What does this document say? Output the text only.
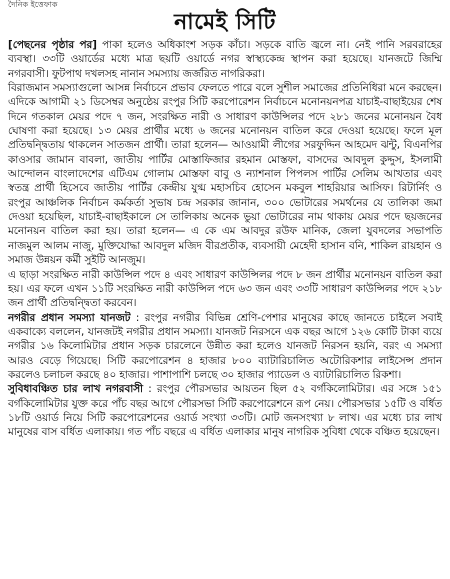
দৈনিক ইত্তেফাক
নামেই সিটি

[পেছনের পৃষ্ঠার পর] পাকা হলেও অধিকাংশ সড়ক কাঁচা। সড়কে বাতি জ্বলে না। নেই পানি সরবরাহের ব্যবস্থা। ৩৩টি ওয়ার্ডের মধ্যে মাত্র ছয়টি ওয়ার্ডে নগর স্বাস্থ্যকেন্দ্র স্থাপন করা হয়েছে। যানজটে জিম্মি নগরবাসী। ফুটপাথ দখলসহ নানান সমস্যায় জর্জরিত নাগরিকরা।

বিরাজমান সমস্যাগুলো আসন্ন নির্বাচনে প্রভাব ফেলতে পারে বলে সুশীল সমাজের প্রতিনিধিরা মনে করছেন। এদিকে আগামী ২১ ডিসেম্বর অনুষ্ঠেয় রংপুর সিটি করপোরেশন নির্বাচনে মনোনয়নপত্র যাচাই-বাছাইয়ের শেষ দিনে গতকাল মেয়র পদে ৭ জন, সংরক্ষিত নারী ও সাধারণ কাউন্সিলর পদে ২৮১ জনের মনোনয়ন বৈধ ঘোষণা করা হয়েছে। ১৩ মেয়র প্রার্থীর মধ্যে ৬ জনের মনোনয়ন বাতিল করে দেওয়া হয়েছে। ফলে মূল প্রতিদ্বন্দ্বিতায় থাকলেন সাতজন প্রার্থী। তারা হলেন— আওয়ামী লীগের সরফুদ্দিন আহমেদ ঝন্টু, বিএনপির কাওসার জামান বাবলা, জাতীয় পার্টির মোস্তাফিজার রহমান মোস্তফা, বাসদের আবদুল কুদ্দুস, ইসলামী আন্দোলন বাংলাদেশের এটিএম গোলাম মোস্তফা বাবু ও ন্যাশনাল পিপলস পার্টির সেলিম আখতার এবং স্বতন্ত্র প্রার্থী হিসেবে জাতীয় পার্টির কেন্দ্রীয় যুগ্ম মহাসচিব হোসেন মকবুল শাহরিয়ার আসিফ। রিটার্নিং ও রংপুর আঞ্চলিক নির্বাচন কর্মকর্তা সুভাষ চন্দ্র সরকার জানান, ৩০০ ভোটারের সমর্থনের যে তালিকা জমা দেওয়া হয়েছিল, যাচাই-বাছাইকালে সে তালিকায় অনেক ভুয়া ভোটারের নাম থাকায় মেয়র পদে ছয়জনের মনোনয়ন বাতিল করা হয়। তারা হলেন— এ কে এম আবদুর রউফ মানিক, জেলা যুবদলের সভাপতি নাজমুল আলম নাজু, মুক্তিযোদ্ধা আবদুল মজিদ বীরপ্রতীক, ব্যবসায়ী মেহেদী হাসান বনি, শাকিল রায়হান ও সমাজ উন্নয়ন কর্মী সুইটি আনজুম।

এ ছাড়া সংরক্ষিত নারী কাউন্সিল পদে ৪ এবং সাধারণ কাউন্সিলর পদে ৮ জন প্রার্থীর মনোনয়ন বাতিল করা হয়। এর ফলে এখন ১১টি সংরক্ষিত নারী কাউন্সিল পদে ৬৩ জন এবং ৩৩টি সাধারণ কাউন্সিলর পদে ২১৮ জন প্রার্থী প্রতিদ্বন্দ্বিতা করবেন।

নগরীর প্রধান সমস্যা যানজট : রংপুর নগরীর বিভিন্ন শ্রেণি-পেশার মানুষের কাছে জানতে চাইলে সবাই একবাক্যে বললেন, যানজটই নগরীর প্রধান সমস্যা। যানজট নিরসনে এক বছর আগে ১২৬ কোটি টাকা ব্যয়ে নগরীর ১৬ কিলোমিটার প্রধান সড়ক চারলেনে উন্নীত করা হলেও যানজট নিরসন হয়নি, বরং এ সমস্যা আরও বেড়ে গিয়েছে। সিটি করপোরেশন ৪ হাজার ৮০০ ব্যাটারিচালিত অটোরিকশার লাইসেন্স প্রদান করলেও চলাচল করছে ৪০ হাজার। পাশাপাশি চলছে ৩০ হাজার প্যাডেল ও ব্যাটারিচালিত রিকশা।

সুবিধাবঞ্চিত চার লাখ নগরবাসী : রংপুর পৌরসভার আয়তন ছিল ৫২ বর্গকিলোমিটার। এর সঙ্গে ১৫১ বর্গকিলোমিটার যুক্ত করে পাঁচ বছর আগে পৌরসভা সিটি করপোরেশনে রূপ নেয়। পৌরসভার ১৫টি ও বর্ধিত ১৮টি ওয়ার্ড নিয়ে সিটি করপোরেশনের ওয়ার্ড সংখ্যা ৩৩টি। মোট জনসংখ্যা ৮ লাখ। এর মধ্যে চার লাখ মানুষের বাস বর্ধিত এলাকায়। গত পাঁচ বছরে এ বর্ধিত এলাকার মানুষ নাগরিক সুবিধা থেকে বঞ্চিত হয়েছেন।
